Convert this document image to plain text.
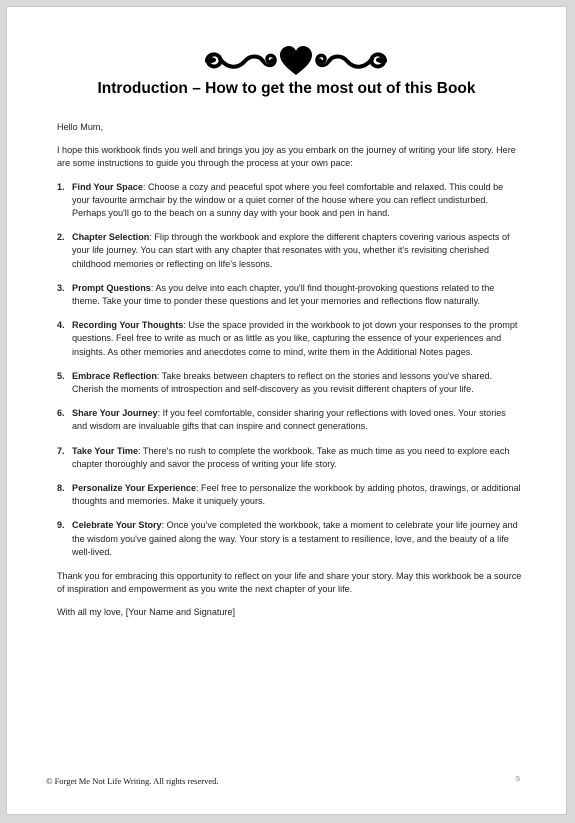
Introduction – How to get the most out of this Book

Hello Mum,

I hope this workbook finds you well and brings you joy as you embark on the journey of writing your life story. Here are some instructions to guide you through the process at your own pace:

1. Find Your Space: Choose a cozy and peaceful spot where you feel comfortable and relaxed. This could be your favourite armchair by the window or a quiet corner of the house where you can reflect undisturbed. Perhaps you'll go to the beach on a sunny day with your book and pen in hand.
2. Chapter Selection: Flip through the workbook and explore the different chapters covering various aspects of your life journey. You can start with any chapter that resonates with you, whether it's revisiting cherished childhood memories or reflecting on life's lessons.
3. Prompt Questions: As you delve into each chapter, you'll find thought-provoking questions related to the theme. Take your time to ponder these questions and let your memories and reflections flow naturally.
4. Recording Your Thoughts: Use the space provided in the workbook to jot down your responses to the prompt questions. Feel free to write as much or as little as you like, capturing the essence of your experiences and insights. As other memories and anecdotes come to mind, write them in the Additional Notes pages.
5. Embrace Reflection: Take breaks between chapters to reflect on the stories and lessons you've shared. Cherish the moments of introspection and self-discovery as you revisit different chapters of your life.
6. Share Your Journey: If you feel comfortable, consider sharing your reflections with loved ones. Your stories and wisdom are invaluable gifts that can inspire and connect generations.
7. Take Your Time: There's no rush to complete the workbook. Take as much time as you need to explore each chapter thoroughly and savor the process of writing your life story.
8. Personalize Your Experience: Feel free to personalize the workbook by adding photos, drawings, or additional thoughts and memories. Make it uniquely yours.
9. Celebrate Your Story: Once you've completed the workbook, take a moment to celebrate your life journey and the wisdom you've gained along the way. Your story is a testament to resilience, love, and the beauty of a life well-lived.

Thank you for embracing this opportunity to reflect on your life and share your story. May this workbook be a source of inspiration and empowerment as you write the next chapter of your life.

With all my love, [Your Name and Signature]

© Forget Me Not Life Writing. All rights reserved.	5
